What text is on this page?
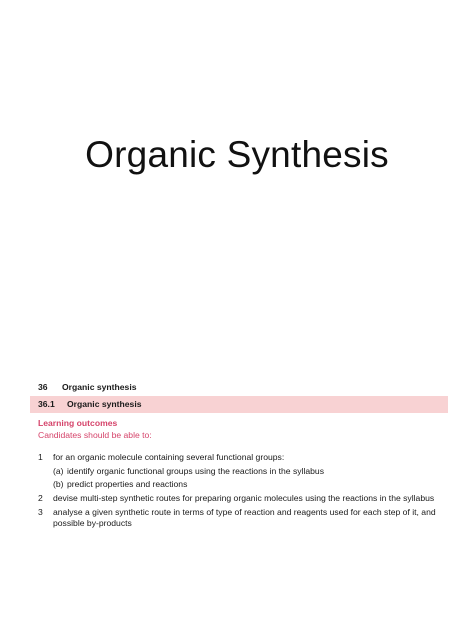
Organic Synthesis
36	Organic synthesis
36.1	Organic synthesis
Learning outcomes
Candidates should be able to:
1	for an organic molecule containing several functional groups:
(a) identify organic functional groups using the reactions in the syllabus
(b) predict properties and reactions
2	devise multi-step synthetic routes for preparing organic molecules using the reactions in the syllabus
3	analyse a given synthetic route in terms of type of reaction and reagents used for each step of it, and possible by-products
